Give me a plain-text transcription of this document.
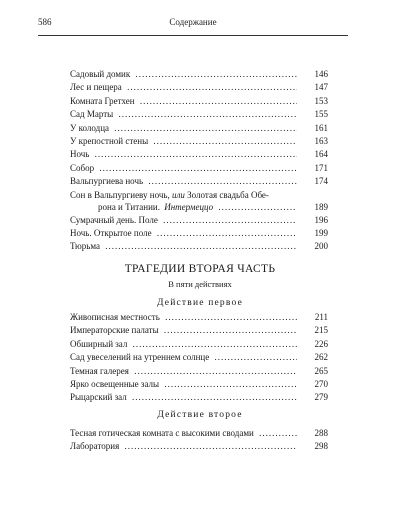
586	Содержание
Садовый домик .....	146
Лес и пещера .....	147
Комната Гретхен .....	153
Сад Марты .....	155
У колодца .....	161
У крепостной стены .....	163
Ночь .....	164
Собор .....	171
Вальпургиева ночь .....	174
Сон в Вальпургиеву ночь, или Золотая свадьба Обе-
рона и Титании. Интермеццо .....	189
Сумрачный день. Поле .....	196
Ночь. Открытое поле .....	199
Тюрьма .....	200
ТРАГЕДИИ ВТОРАЯ ЧАСТЬ
В пяти действиях
Действие первое
Живописная местность .....	211
Императорские палаты .....	215
Обширный зал .....	226
Сад увеселений на утреннем солнце .....	262
Темная галерея .....	265
Ярко освещенные залы .....	270
Рыцарский зал .....	279
Действие второе
Тесная готическая комната с высокими сводами .....	288
Лаборатория .....	298
